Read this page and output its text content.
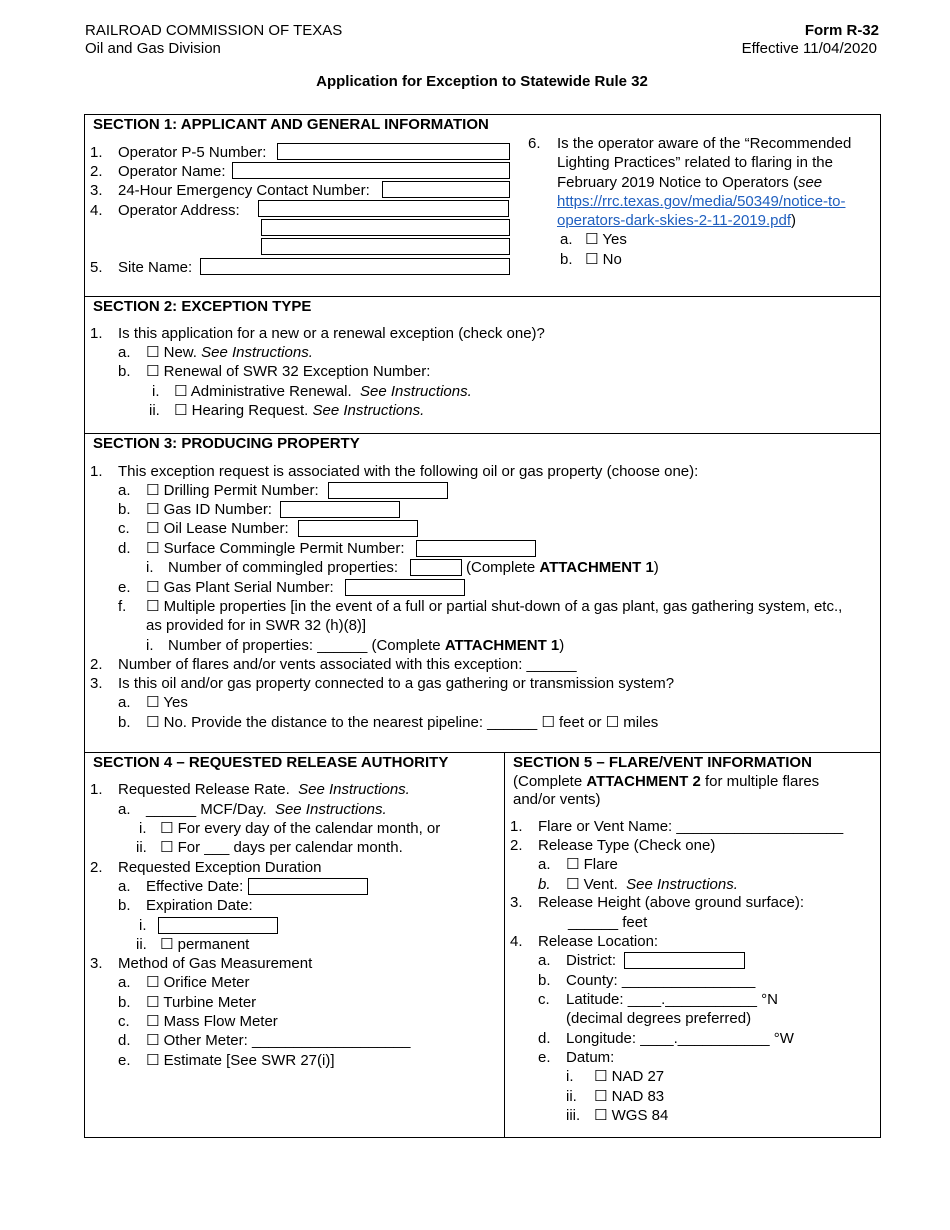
RAILROAD COMMISSION OF TEXAS
Oil and Gas Division
Form R-32
Effective 11/04/2020
Application for Exception to Statewide Rule 32
SECTION 1: APPLICANT AND GENERAL INFORMATION
1. Operator P-5 Number:
2. Operator Name:
3. 24-Hour Emergency Contact Number:
4. Operator Address:
5. Site Name:
6. Is the operator aware of the “Recommended
Lighting Practices” related to flaring in the
February 2019 Notice to Operators (see
https://rrc.texas.gov/media/50349/notice-to-
operators-dark-skies-2-11-2019.pdf)
a. ☐ Yes
b. ☐ No
SECTION 2: EXCEPTION TYPE
1. Is this application for a new or a renewal exception (check one)?
a. ☐ New. See Instructions.
b. ☐ Renewal of SWR 32 Exception Number:
i. ☐ Administrative Renewal. See Instructions.
ii. ☐ Hearing Request. See Instructions.
SECTION 3: PRODUCING PROPERTY
1. This exception request is associated with the following oil or gas property (choose one):
a. ☐ Drilling Permit Number:
b. ☐ Gas ID Number:
c. ☐ Oil Lease Number:
d. ☐ Surface Commingle Permit Number:
i. Number of commingled properties:	(Complete ATTACHMENT 1)
e. ☐ Gas Plant Serial Number:
f. ☐ Multiple properties [in the event of a full or partial shut-down of a gas plant, gas gathering system, etc.,
as provided for in SWR 32 (h)(8)]
i. Number of properties: ______ (Complete ATTACHMENT 1)
2. Number of flares and/or vents associated with this exception: ______
3. Is this oil and/or gas property connected to a gas gathering or transmission system?
a. ☐ Yes
b. ☐ No. Provide the distance to the nearest pipeline: ______ ☐ feet or ☐ miles
SECTION 4 – REQUESTED RELEASE AUTHORITY
1. Requested Release Rate. See Instructions.
a. ______ MCF/Day. See Instructions.
i. ☐ For every day of the calendar month, or
ii. ☐ For ___ days per calendar month.
2. Requested Exception Duration
a. Effective Date:
b. Expiration Date:
i.
ii. ☐ permanent
3. Method of Gas Measurement
a. ☐ Orifice Meter
b. ☐ Turbine Meter
c. ☐ Mass Flow Meter
d. ☐ Other Meter: ___________________
e. ☐ Estimate [See SWR 27(i)]
SECTION 5 – FLARE/VENT INFORMATION
(Complete ATTACHMENT 2 for multiple flares
and/or vents)
1. Flare or Vent Name: ____________________
2. Release Type (Check one)
a. ☐ Flare
b. ☐ Vent. See Instructions.
3. Release Height (above ground surface):
______ feet
4. Release Location:
a. District:
b. County: ________________
c. Latitude: ____.___________ °N
(decimal degrees preferred)
d. Longitude: ____.___________ °W
e. Datum:
i. ☐ NAD 27
ii. ☐ NAD 83
iii. ☐ WGS 84
